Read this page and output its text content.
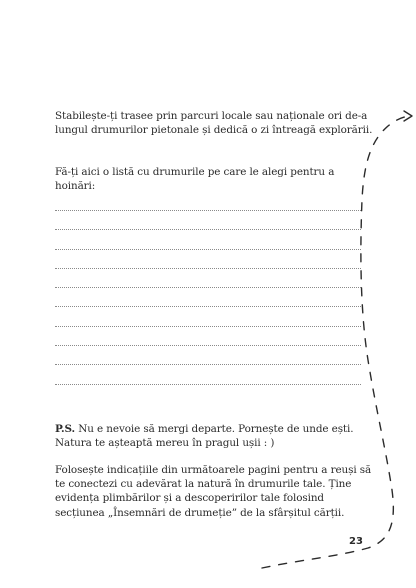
Stabilește-ți trasee prin parcuri locale sau naționale ori de-a lungul drumurilor pietonale și dedică o zi întreagă explorării.
Fă-ți aici o listă cu drumurile pe care le alegi pentru a hoinări:
P.S. Nu e nevoie să mergi departe. Pornește de unde ești. Natura te așteaptă mereu în pragul ușii : )
Folosește indicațiile din următoarele pagini pentru a reuși să te conectezi cu adevărat la natură în drumurile tale. Ține evidența plimbărilor și a descoperirilor tale folosind secțiunea „Însemnări de drumeție” de la sfârșitul cărții.
23
